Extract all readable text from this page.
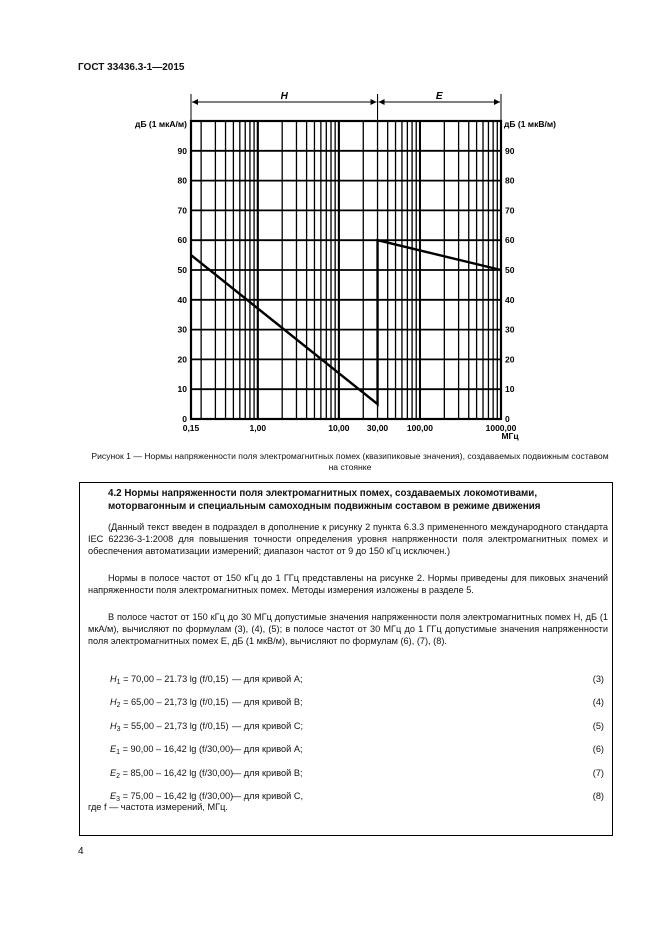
ГОСТ 33436.3-1—2015
H	E
0	0
10	10
20	20
30	30
40	40
50	50
60	60
70	70
80	80
90	90
дБ (1 мкА/м)	дБ (1 мкВ/м)
0,15	1,00	10,00 30,00 100,00	1000,00
МГц
Рисунок 1 — Нормы напряженности поля электромагнитных помех (квазипиковые значения), создаваемых подвижным составом на стоянке
4.2 Нормы напряженности поля электромагнитных помех, создаваемых локомотивами,
моторвагонным и специальным самоходным подвижным составом в режиме движения
(Данный текст введен в подраздел в дополнение к рисунку 2 пункта 6.3.3 примененного международного стандарта IEC 62236-3-1:2008 для повышения точности определения уровня напряженности поля электромагнитных помех и обеспечения автоматизации измерений; диапазон частот от 9 до 150 кГц исключен.)
Нормы в полосе частот от 150 кГц до 1 ГГц представлены на рисунке 2. Нормы приведены для пиковых значений напряженности поля электромагнитных помех. Методы измерения изложены в разделе 5.
В полосе частот от 150 кГц до 30 МГц допустимые значения напряженности поля электромагнитных помех H, дБ (1 мкА/м), вычисляют по формулам (3), (4), (5); в полосе частот от 30 МГц до 1 ГГц допустимые значения напряженности поля электромагнитных помех E, дБ (1 мкВ/м), вычисляют по формулам (6), (7), (8).
$H_1 = 70,00 - 21.73$ lg (f/0,15) — для кривой А;	(3)
$H_2 = 65,00 - 21,73$ lg (f/0,15) — для кривой В;	(4)
$H_3 = 55,00 - 21,73$ lg (f/0,15) — для кривой С;	(5)
$E_1 = 90,00 - 16,42$ lg (f/30,00)
— для кривой А;	(6)
$E_2 = 85,00 - 16,42$ lg (f/30,00)
— для кривой В;	(7)
$E_3 = 75,00 - 16,42$ lg (f/30,00)
— для кривой С,	(8)
где f — частота измерений, МГц.
4
